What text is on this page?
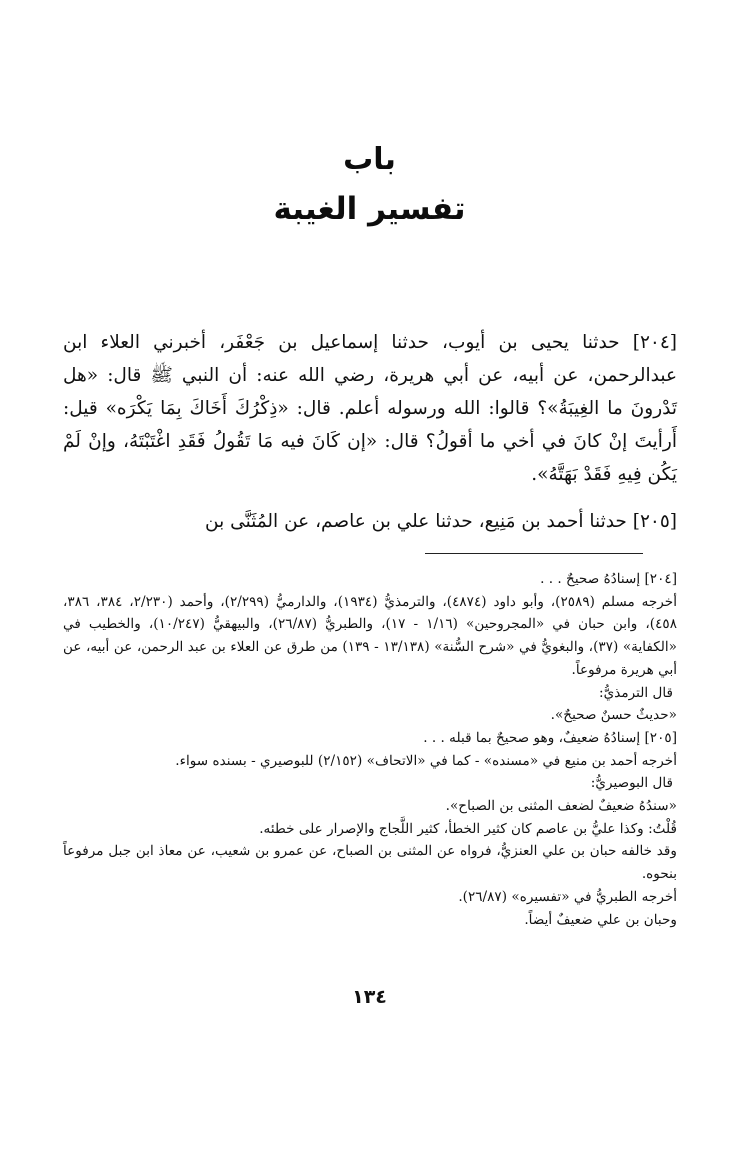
باب
تفسير الغيبة

[٢٠٤] حدثنا يحيى بن أيوب، حدثنا إسماعيل بن جَعْفَر، أخبرني العلاء ابن عبدالرحمن، عن أبيه، عن أبي هريرة، رضي الله عنه: أن النبي ﷺ قال: «هل تَدْرونَ ما الغِيبَةُ»؟ قالوا: الله ورسوله أعلم. قال: «ذِكْرُكَ أَخَاكَ بِمَا يَكْرَه» قيل: أَرأيتَ إنْ كانَ في أخي ما أقولُ؟ قال: «إن كَانَ فيه مَا تَقُولُ فَقَدِ اغْتَبْتَهُ، وإنْ لَمْ يَكُن فِيهِ فَقَدْ بَهَتَّهُ».

[٢٠٥] حدثنا أحمد بن مَنِيع، حدثنا علي بن عاصم، عن المُثَنَّى بن

[٢٠٤] إسنادُهُ صحيحٌ . . .

أخرجه مسلم (٢٥٨٩)، وأبو داود (٤٨٧٤)، والترمذيُّ (١٩٣٤)، والدارميُّ (٢/٢٩٩)، وأحمد (٢/٢٣٠، ٣٨٤، ٣٨٦، ٤٥٨)، وابن حبان في «المجروحين» (١/١٦ - ١٧)، والطبريُّ (٢٦/٨٧)، والبيهقيُّ (١٠/٢٤٧)، والخطيب في «الكفاية» (٣٧)، والبغويُّ في «شرح السُّنة» (١٣/١٣٨ - ١٣٩) من طرق عن العلاء بن عبد الرحمن، عن أبيه، عن أبي هريرة مرفوعاً.

قال الترمذيُّ:

«حديثٌ حسنٌ صحيحٌ».

[٢٠٥] إسنادُهُ ضعيفٌ، وهو صحيحٌ بما قبله . . .

أخرجه أحمد بن منيع في «مسنده» - كما في «الاتحاف» (٢/١٥٢) للبوصيري - بسنده سواء.

قال البوصيريُّ:

«سندُهُ ضعيفٌ لضعف المثنى بن الصباح».

قُلْتُ: وكذا عليُّ بن عاصم كان كثير الخطأ، كثير اللَّجاج والإصرار على خطئه.

وقد خالفه حبان بن علي العنزيُّ، فرواه عن المثنى بن الصباح، عن عمرو بن شعيب، عن معاذ ابن جبل مرفوعاً بنحوه.

أخرجه الطبريُّ في «تفسيره» (٢٦/٨٧).

وحبان بن علي ضعيفٌ أيضاً.

١٣٤
